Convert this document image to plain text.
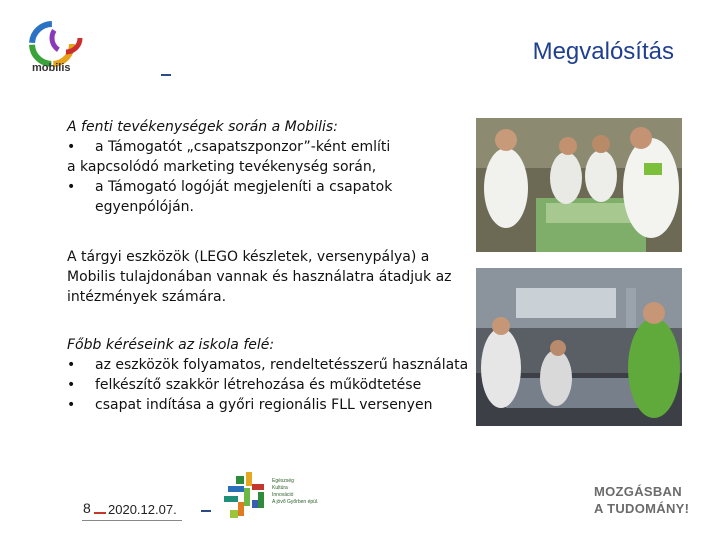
mobilis
Megvalósítás
A fenti tevékenységek során a Mobilis:
•	a Támogatót „csapatszponzor”-ként említi
a kapcsolódó marketing tevékenység során,
•	a Támogató logóját megjeleníti a csapatok
egyenpólóján.
A tárgyi eszközök (LEGO készletek, versenypálya) a
Mobilis tulajdonában vannak és használatra átadjuk az
intézmények számára.
Főbb kéréseink az iskola felé:
•	az eszközök folyamatos, rendeltetésszerű használata
•	felkészítő szakkör létrehozása és működtetése
•	csapat indítása a győri regionális FLL versenyen
8 2020.12.07.
Egészség
Kultúra
Innováció
A jövő Győrben épül.
MOZGÁSBAN
A TUDOMÁNY!
